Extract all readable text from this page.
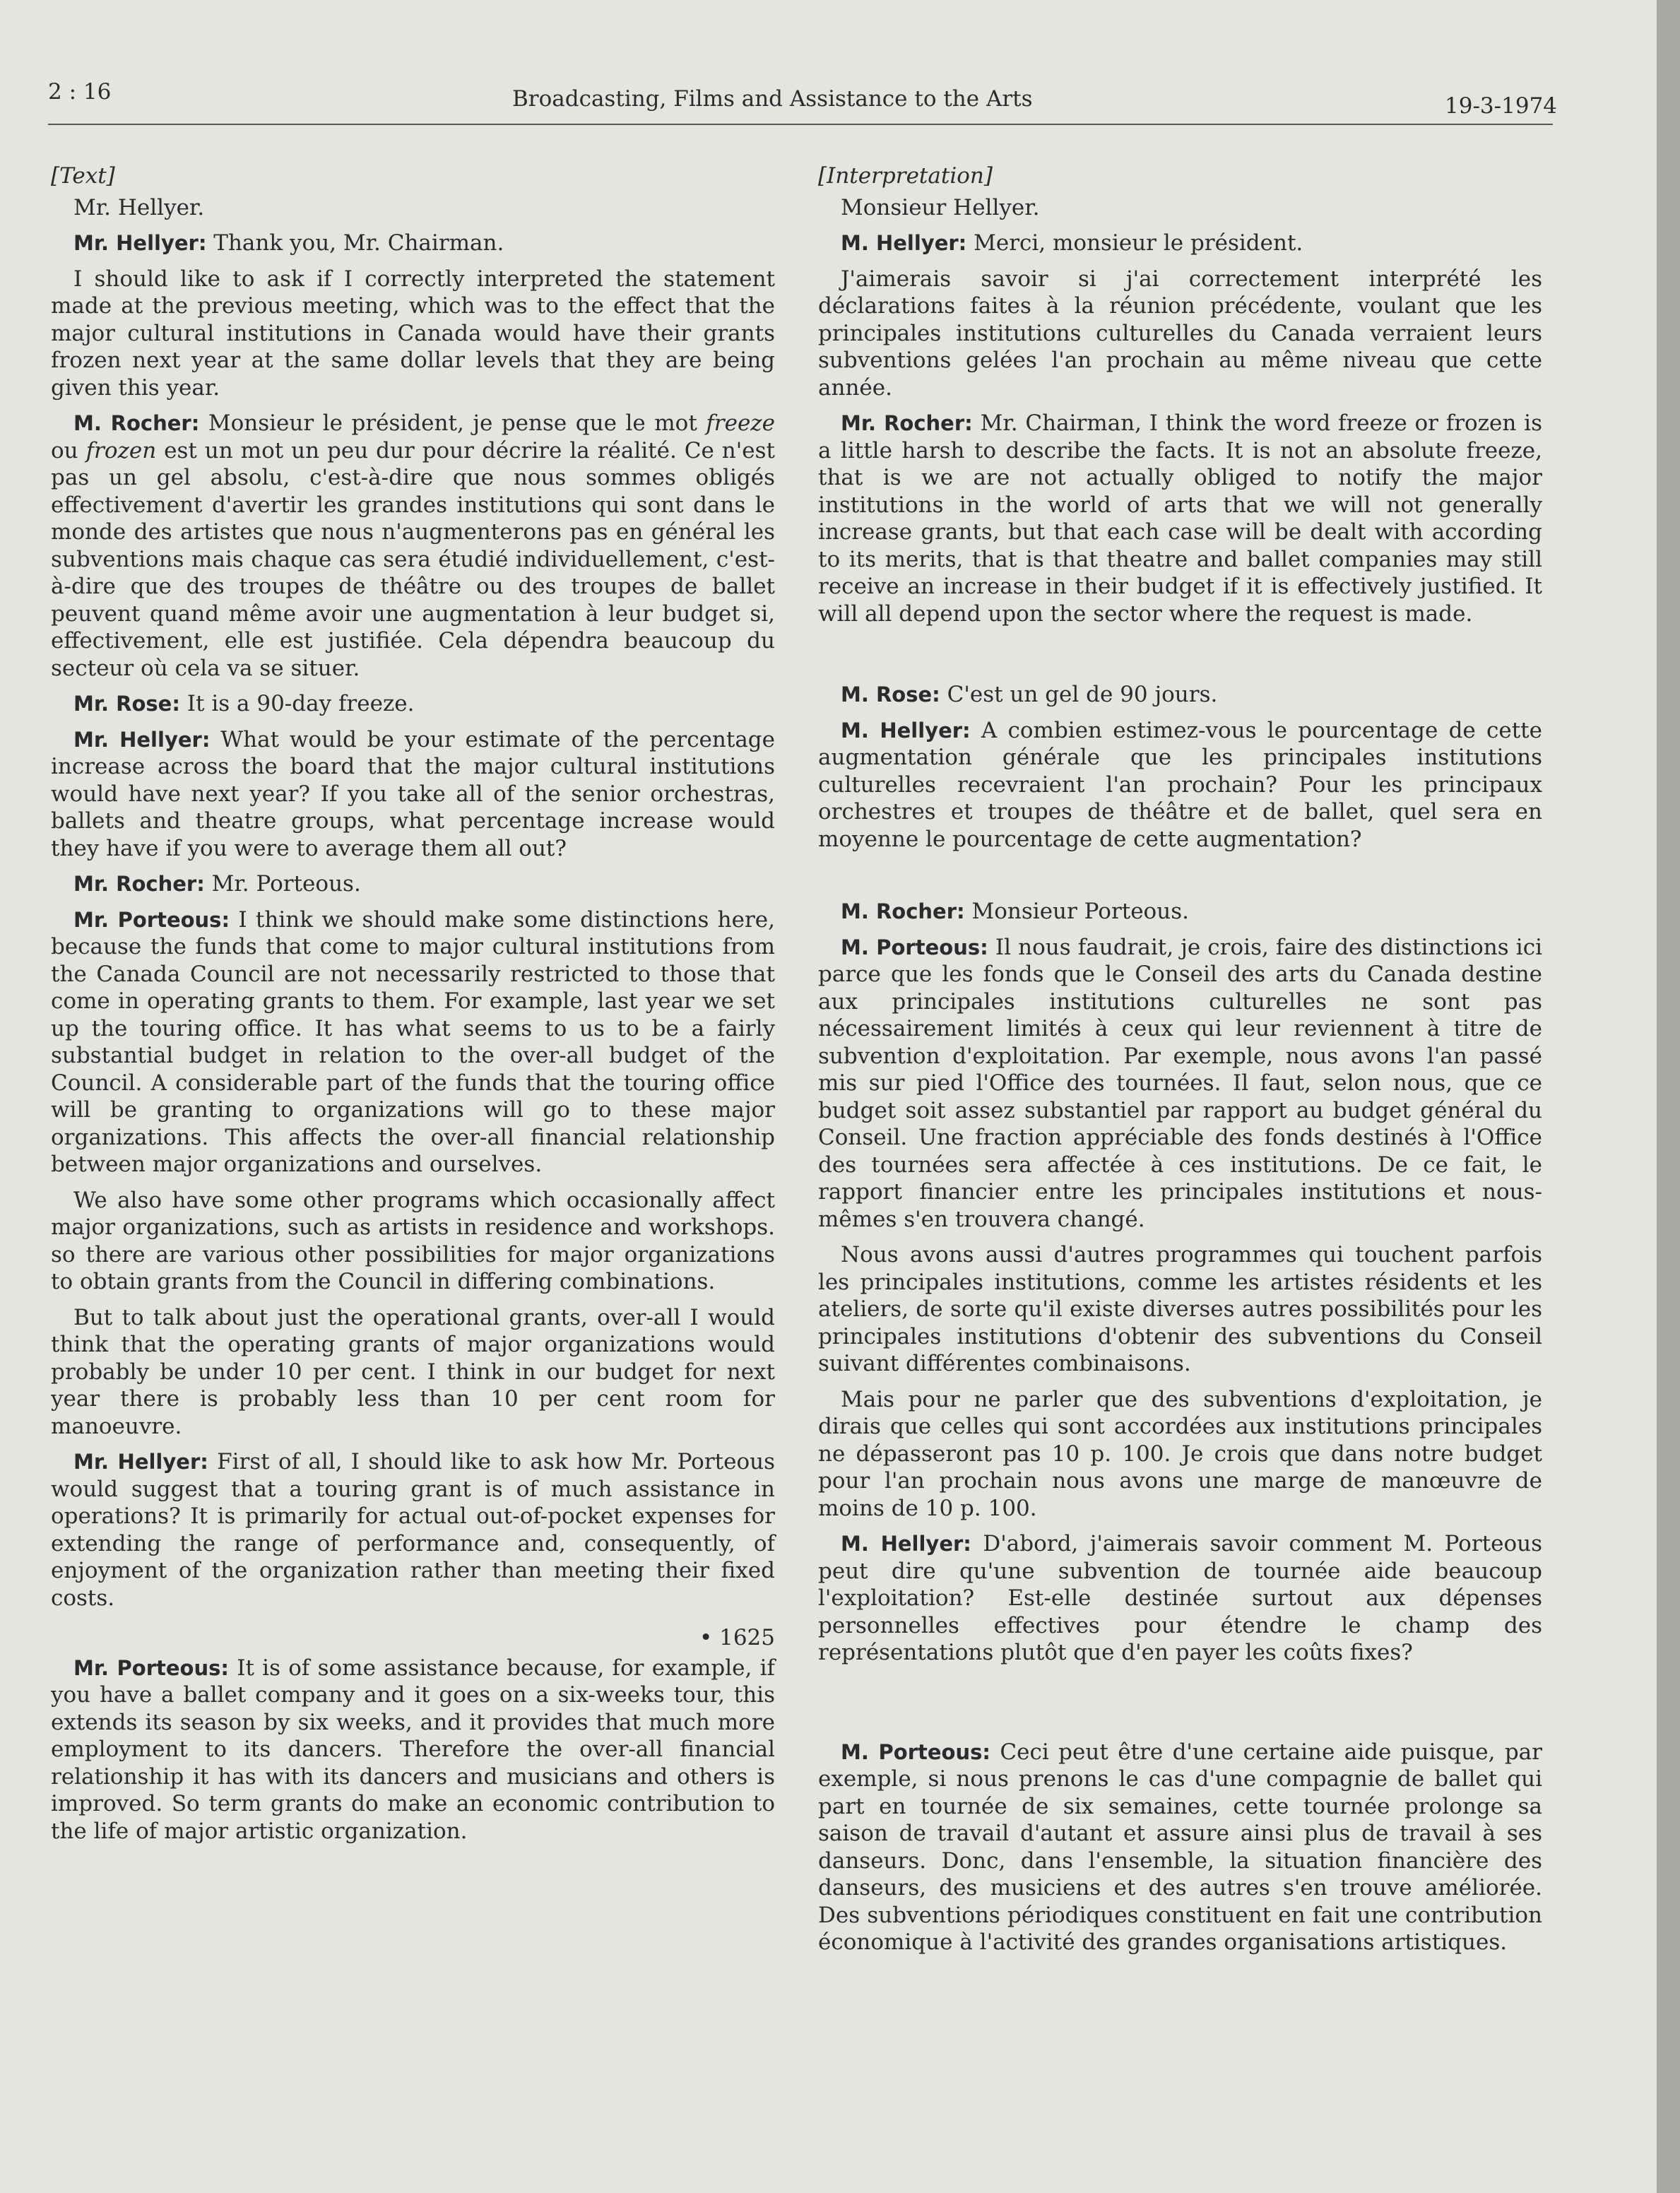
2 : 16	Broadcasting, Films and Assistance to the Arts	19-3-1974

[Text]

Mr. Hellyer.

Mr. Hellyer: Thank you, Mr. Chairman.

I should like to ask if I correctly interpreted the statement made at the previous meeting, which was to the effect that the major cultural institutions in Canada would have their grants frozen next year at the same dollar levels that they are being given this year.

M. Rocher: Monsieur le président, je pense que le mot freeze ou frozen est un mot un peu dur pour décrire la réalité. Ce n'est pas un gel absolu, c'est-à-dire que nous sommes obligés effectivement d'avertir les grandes institutions qui sont dans le monde des artistes que nous n'augmenterons pas en général les subventions mais chaque cas sera étudié individuellement, c'est-à-dire que des troupes de théâtre ou des troupes de ballet peuvent quand même avoir une augmentation à leur budget si, effectivement, elle est justifiée. Cela dépendra beaucoup du secteur où cela va se situer.

Mr. Rose: It is a 90-day freeze.

Mr. Hellyer: What would be your estimate of the percentage increase across the board that the major cultural institutions would have next year? If you take all of the senior orchestras, ballets and theatre groups, what percentage increase would they have if you were to average them all out?

Mr. Rocher: Mr. Porteous.

Mr. Porteous: I think we should make some distinctions here, because the funds that come to major cultural institutions from the Canada Council are not necessarily restricted to those that come in operating grants to them. For example, last year we set up the touring office. It has what seems to us to be a fairly substantial budget in relation to the over-all budget of the Council. A considerable part of the funds that the touring office will be granting to organizations will go to these major organizations. This affects the over-all financial relationship between major organizations and ourselves.

We also have some other programs which occasionally affect major organizations, such as artists in residence and workshops. so there are various other possibilities for major organizations to obtain grants from the Council in differing combinations.

But to talk about just the operational grants, over-all I would think that the operating grants of major organizations would probably be under 10 per cent. I think in our budget for next year there is probably less than 10 per cent room for manoeuvre.

Mr. Hellyer: First of all, I should like to ask how Mr. Porteous would suggest that a touring grant is of much assistance in operations? It is primarily for actual out-of-pocket expenses for extending the range of performance and, consequently, of enjoyment of the organization rather than meeting their fixed costs.

• 1625

Mr. Porteous: It is of some assistance because, for example, if you have a ballet company and it goes on a six-weeks tour, this extends its season by six weeks, and it provides that much more employment to its dancers. Therefore the over-all financial relationship it has with its dancers and musicians and others is improved. So term grants do make an economic contribution to the life of major artistic organization.

[Interpretation]

Monsieur Hellyer.

M. Hellyer: Merci, monsieur le président.

J'aimerais savoir si j'ai correctement interprété les déclarations faites à la réunion précédente, voulant que les principales institutions culturelles du Canada verraient leurs subventions gelées l'an prochain au même niveau que cette année.

Mr. Rocher: Mr. Chairman, I think the word freeze or frozen is a little harsh to describe the facts. It is not an absolute freeze, that is we are not actually obliged to notify the major institutions in the world of arts that we will not generally increase grants, but that each case will be dealt with according to its merits, that is that theatre and ballet companies may still receive an increase in their budget if it is effectively justified. It will all depend upon the sector where the request is made.

M. Rose: C'est un gel de 90 jours.

M. Hellyer: A combien estimez-vous le pourcentage de cette augmentation générale que les principales institutions culturelles recevraient l'an prochain? Pour les principaux orchestres et troupes de théâtre et de ballet, quel sera en moyenne le pourcentage de cette augmentation?

M. Rocher: Monsieur Porteous.

M. Porteous: Il nous faudrait, je crois, faire des distinctions ici parce que les fonds que le Conseil des arts du Canada destine aux principales institutions culturelles ne sont pas nécessairement limités à ceux qui leur reviennent à titre de subvention d'exploitation. Par exemple, nous avons l'an passé mis sur pied l'Office des tournées. Il faut, selon nous, que ce budget soit assez substantiel par rapport au budget général du Conseil. Une fraction appréciable des fonds destinés à l'Office des tournées sera affectée à ces institutions. De ce fait, le rapport financier entre les principales institutions et nous-mêmes s'en trouvera changé.

Nous avons aussi d'autres programmes qui touchent parfois les principales institutions, comme les artistes résidents et les ateliers, de sorte qu'il existe diverses autres possibilités pour les principales institutions d'obtenir des subventions du Conseil suivant différentes combinaisons.

Mais pour ne parler que des subventions d'exploitation, je dirais que celles qui sont accordées aux institutions principales ne dépasseront pas 10 p. 100. Je crois que dans notre budget pour l'an prochain nous avons une marge de manœuvre de moins de 10 p. 100.

M. Hellyer: D'abord, j'aimerais savoir comment M. Porteous peut dire qu'une subvention de tournée aide beaucoup l'exploitation? Est-elle destinée surtout aux dépenses personnelles effectives pour étendre le champ des représentations plutôt que d'en payer les coûts fixes?

M. Porteous: Ceci peut être d'une certaine aide puisque, par exemple, si nous prenons le cas d'une compagnie de ballet qui part en tournée de six semaines, cette tournée prolonge sa saison de travail d'autant et assure ainsi plus de travail à ses danseurs. Donc, dans l'ensemble, la situation financière des danseurs, des musiciens et des autres s'en trouve améliorée. Des subventions périodiques constituent en fait une contribution économique à l'activité des grandes organisations artistiques.
